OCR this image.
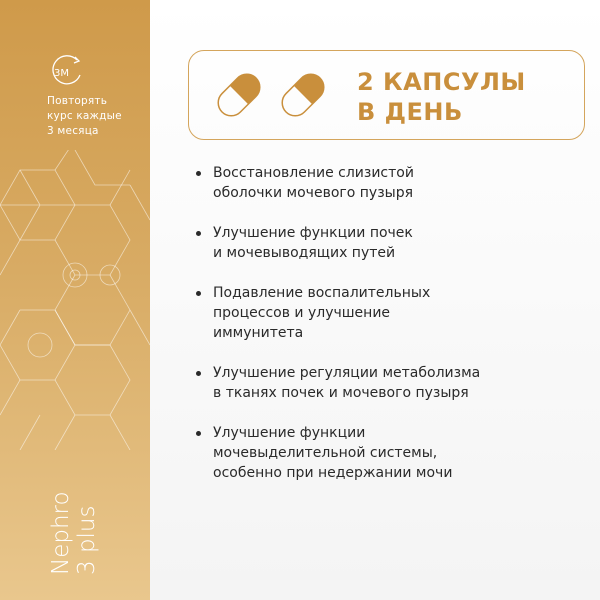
3М
Повторять
курс каждые
3 месяца
Nephro 3 plus
2 КАПСУЛЫ
В ДЕНЬ
Восстановление слизистой
оболочки мочевого пузыря
Улучшение функции почек
и мочевыводящих путей
Подавление воспалительных
процессов и улучшение
иммунитета
Улучшение регуляции метаболизма
в тканях почек и мочевого пузыря
Улучшение функции
мочевыделительной системы,
особенно при недержании мочи
